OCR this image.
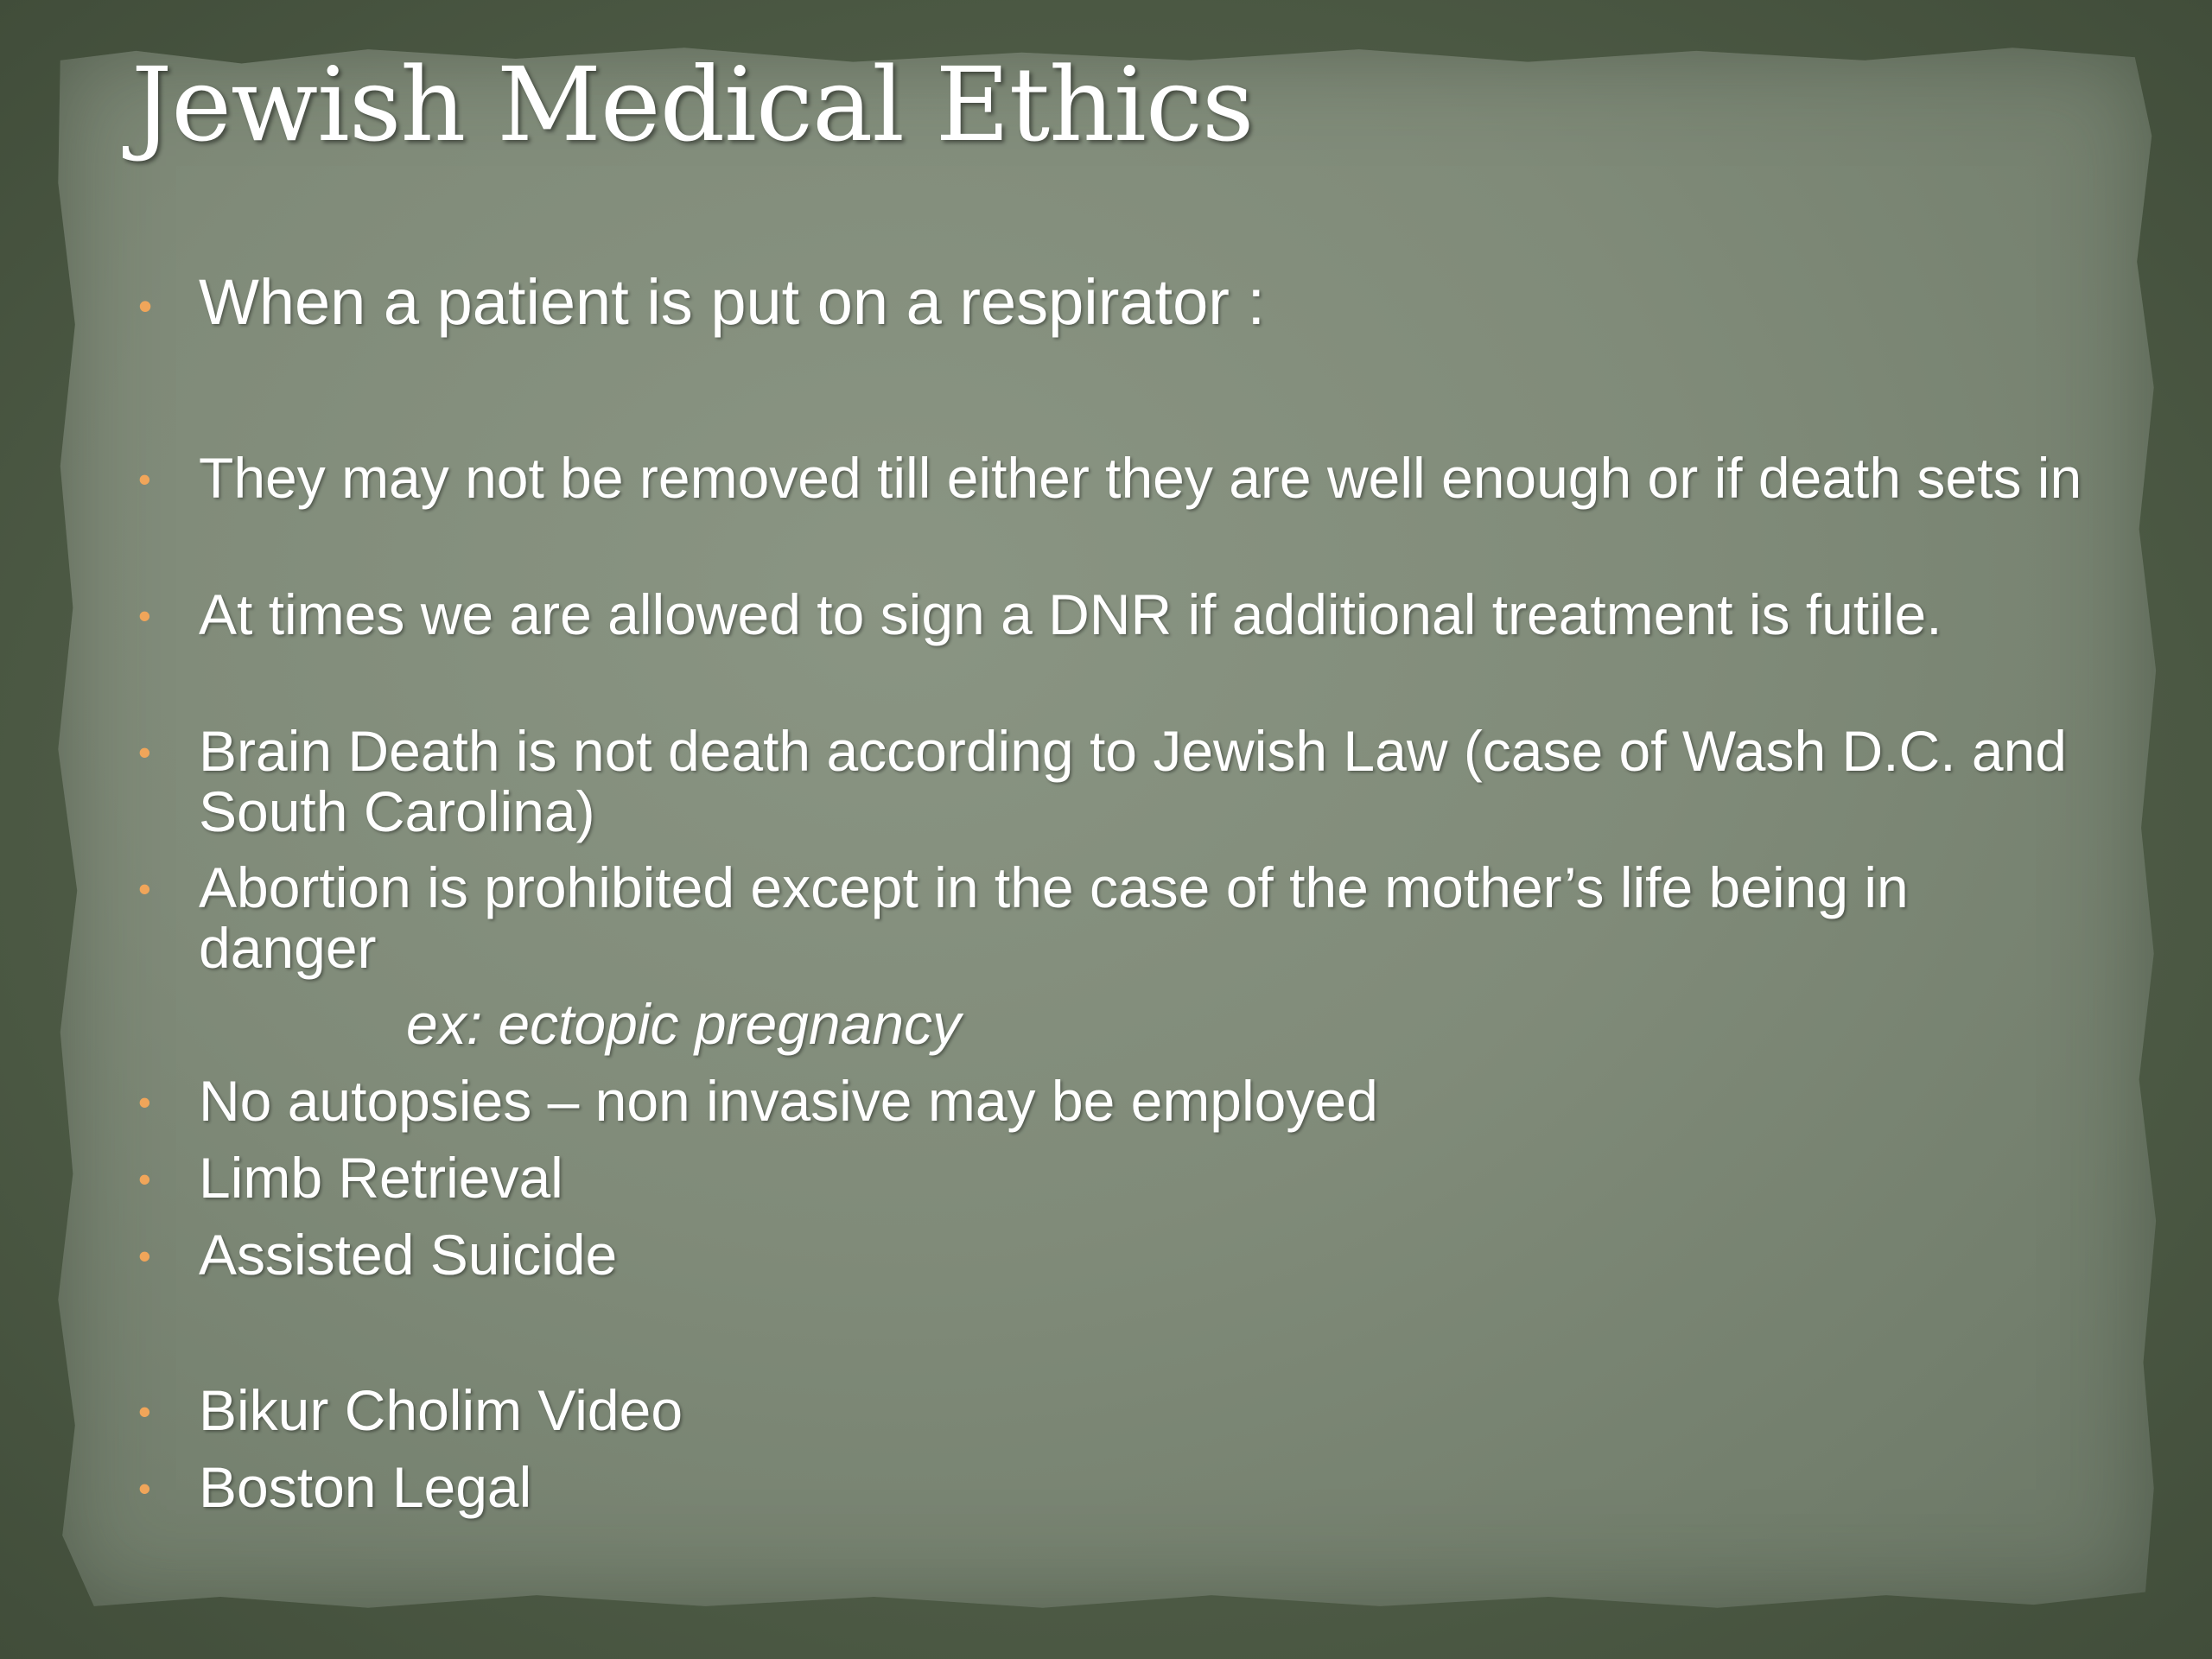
Jewish Medical Ethics
• When a patient is put on a respirator :
• They may not be removed till either they are well enough or if death sets in
• At times we are allowed to sign a DNR if additional treatment is futile.
• Brain Death is not death according to Jewish Law (case of Wash D.C. and South Carolina)
• Abortion is prohibited except in the case of the mother’s life being in danger
ex: ectopic pregnancy
• No autopsies – non invasive may be employed
• Limb Retrieval
• Assisted Suicide
• Bikur Cholim Video
• Boston Legal
